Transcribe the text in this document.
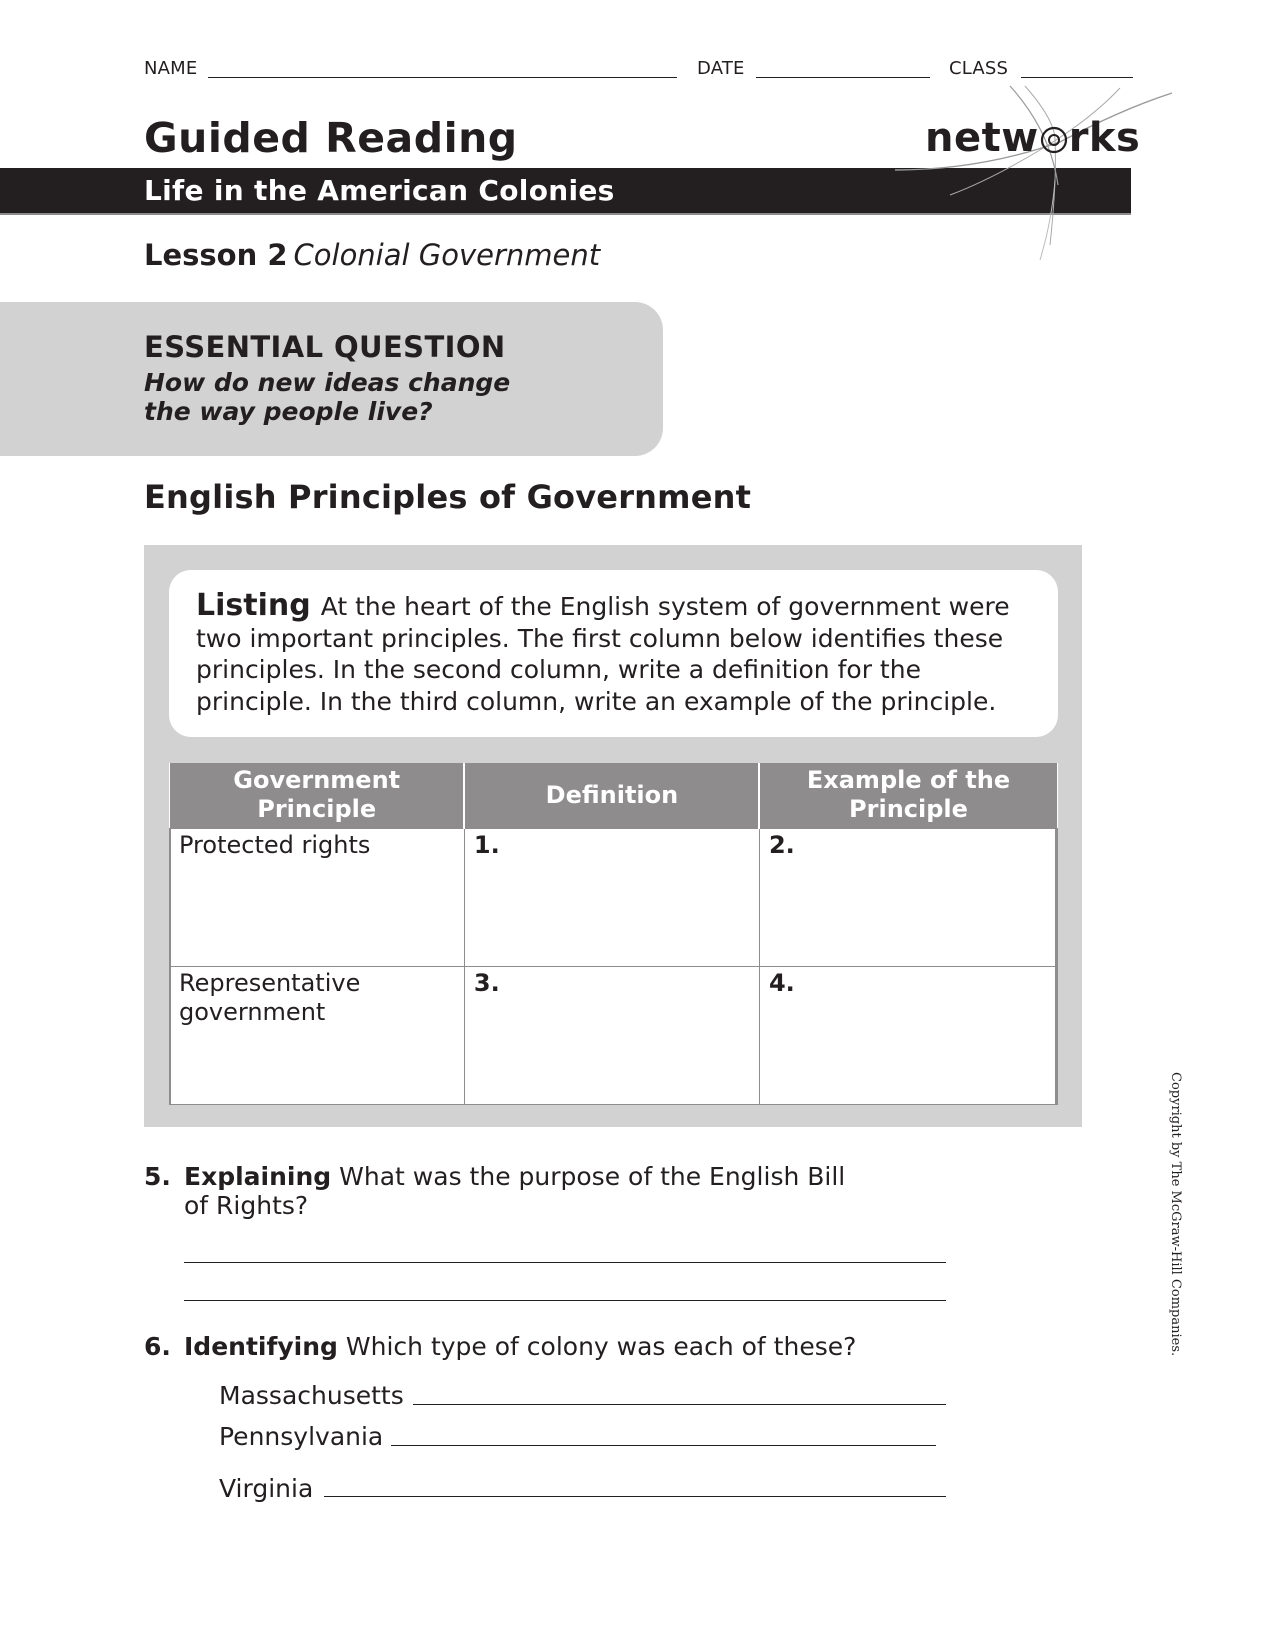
NAME	DATE	CLASS
Guided Reading
Life in the American Colonies
netw rks
Lesson 2 Colonial Government
ESSENTIAL QUESTION
How do new ideas change
the way people live?
English Principles of Government
Listing At the heart of the English system of government were two important principles. The first column below identifies these principles. In the second column, write a definition for the principle. In the third column, write an example of the principle.
Government Principle	Definition	Example of the Principle
Protected rights	1.	2.
Representative government	3.	4.
5. Explaining What was the purpose of the English Bill
of Rights?
6. Identifying Which type of colony was each of these?
Massachusetts
Pennsylvania
Virginia
Copyright by The McGraw-Hill Companies.
